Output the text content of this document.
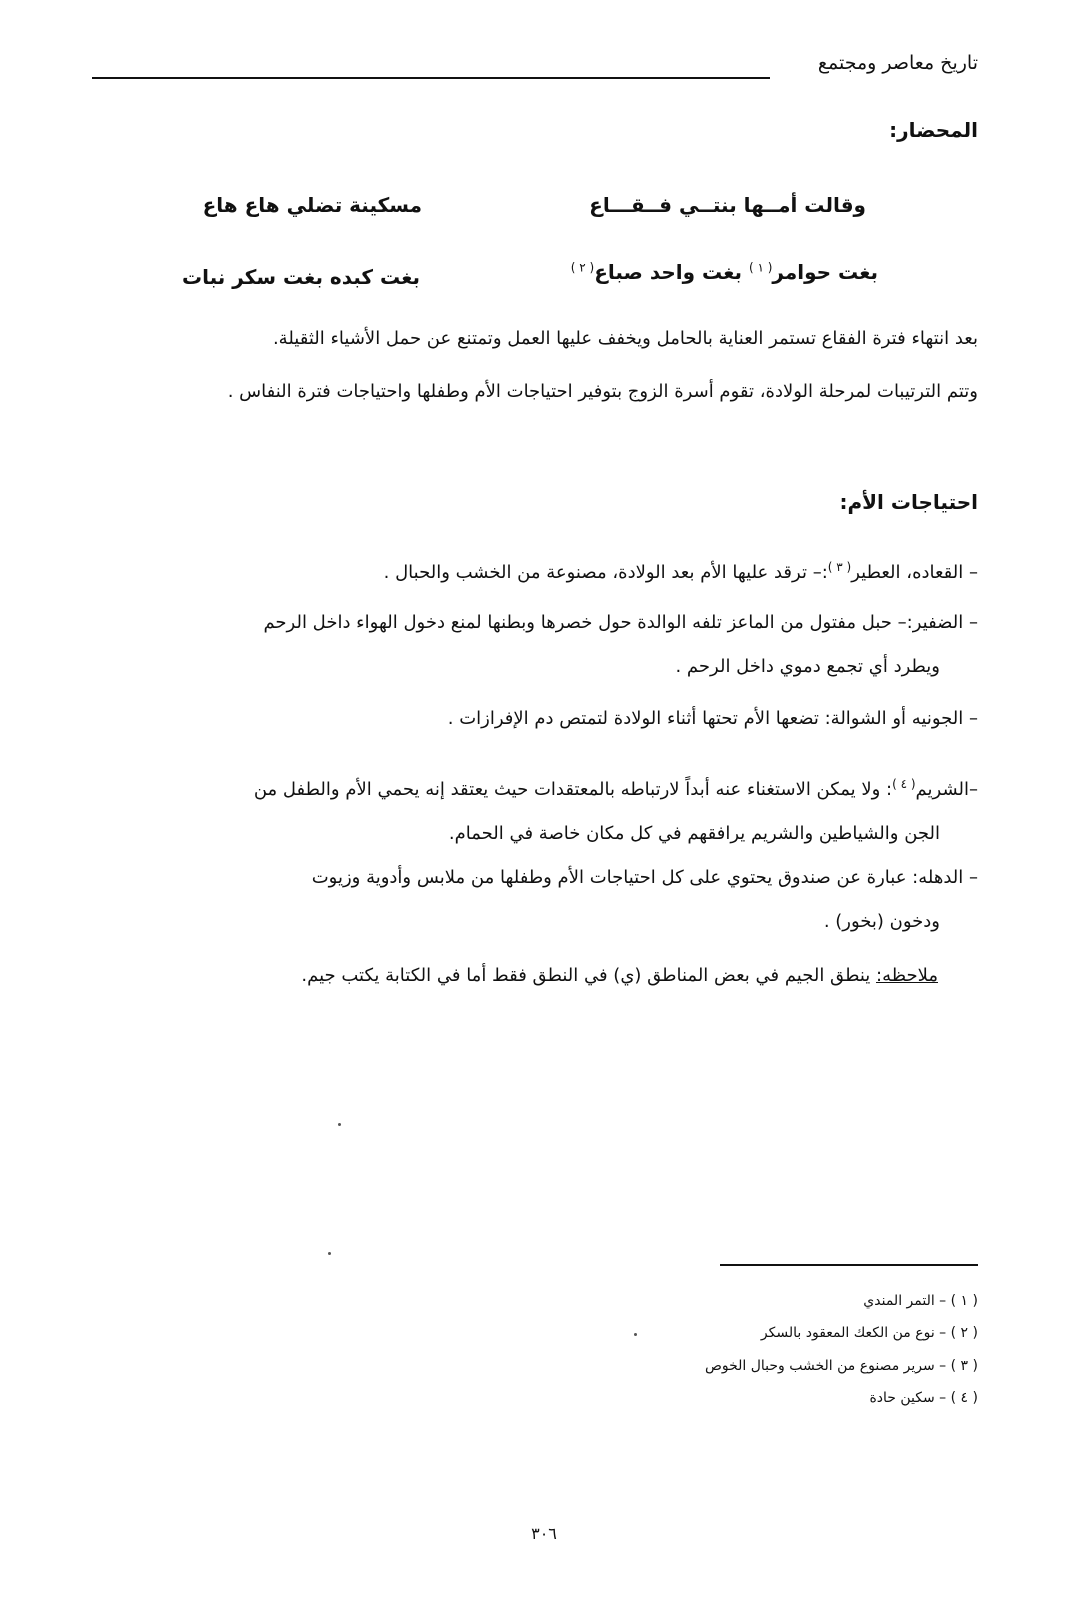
تاريخ معاصر ومجتمع
المحضار:
وقالت أمــها بنتــي فــقـــاع
مسكينة تضلي هاع هاع
بغت حوامر$^{( ١ )}$ بغت واحد صباع$^{( ٢ )}$
بغت كبده بغت سكر نبات
بعد انتهاء فترة الفقاع تستمر العناية بالحامل ويخفف عليها العمل وتمتنع عن حمل الأشياء الثقيلة.
وتتم الترتيبات لمرحلة الولادة، تقوم أسرة الزوج بتوفير احتياجات الأم وطفلها واحتياجات فترة النفاس .
احتياجات الأم:
– القعاده، العطير$^{( ٣ )}$:– ترقد عليها الأم بعد الولادة، مصنوعة من الخشب والحبال .
– الضفير:– حبل مفتول من الماعز تلفه الوالدة حول خصرها وبطنها لمنع دخول الهواء داخل الرحم
ويطرد أي تجمع دموي داخل الرحم .
– الجونيه أو الشوالة: تضعها الأم تحتها أثناء الولادة لتمتص دم الإفرازات .
–الشريم$^{( ٤ )}$: ولا يمكن الاستغناء عنه أبداً لارتباطه بالمعتقدات حيث يعتقد إنه يحمي الأم والطفل من
الجن والشياطين والشريم يرافقهم في كل مكان خاصة في الحمام.
– الدهله: عبارة عن صندوق يحتوي على كل احتياجات الأم وطفلها من ملابس وأدوية وزيوت
ودخون (بخور) .
ملاحظه: ينطق الجيم في بعض المناطق (ي) في النطق فقط أما في الكتابة يكتب جيم.
( ١ ) – التمر المندي
( ٢ ) – نوع من الكعك المعقود بالسكر
( ٣ ) – سرير مصنوع من الخشب وحبال الخوص
( ٤ ) – سكين حادة
٣٠٦
